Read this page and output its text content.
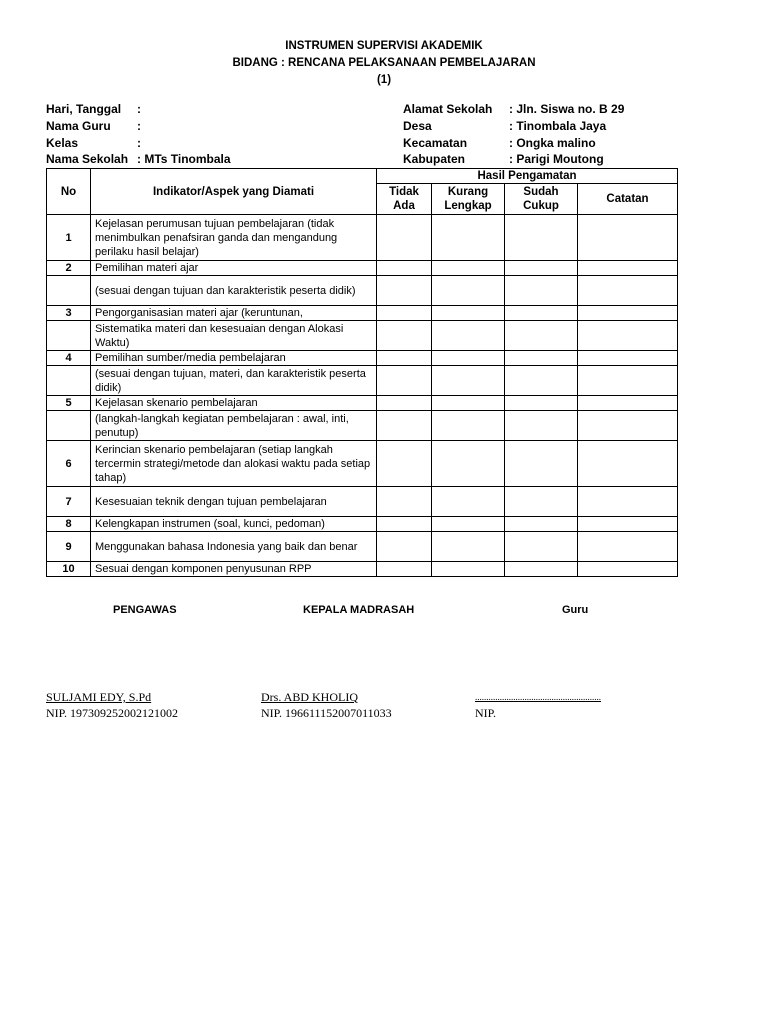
INSTRUMEN SUPERVISI AKADEMIK
BIDANG : RENCANA PELAKSANAAN PEMBELAJARAN
(1)
Hari, Tanggal :
Nama Guru :
Kelas	:
Nama Sekolah : MTs Tinombala
Alamat Sekolah : Jln. Siswa no. B 29
Desa	: Tinombala Jaya
Kecamatan	: Ongka malino
Kabupaten	: Parigi Moutong
No	Indikator/Aspek yang Diamati	Hasil Pengamatan			
		Tidak Ada	Kurang Lengkap	Sudah Cukup	Catatan
1	Kejelasan perumusan tujuan pembelajaran (tidak menimbulkan penafsiran ganda dan mengandung perilaku hasil belajar)				
2	Pemilihan materi ajar				
	(sesuai dengan tujuan dan karakteristik peserta didik)				
3	Pengorganisasian materi ajar (keruntunan,				
	Sistematika materi dan kesesuaian dengan Alokasi Waktu)				
4	Pemilihan sumber/media pembelajaran				
	(sesuai dengan tujuan, materi, dan karakteristik peserta didik)				
5	Kejelasan skenario pembelajaran				
	(langkah-langkah kegiatan pembelajaran : awal, inti, penutup)				
6	Kerincian skenario pembelajaran (setiap langkah tercermin strategi/metode dan alokasi waktu pada setiap tahap)				
7	Kesesuaian teknik dengan tujuan pembelajaran				
8	Kelengkapan instrumen (soal, kunci, pedoman)				
9	Menggunakan bahasa Indonesia yang baik dan benar				
10	Sesuai dengan komponen penyusunan RPP				
PENGAWAS	KEPALA MADRASAH	Guru
SULJAMI EDY, S.Pd
NIP. 197309252002121002
Drs. ABD KHOLIQ
NIP. 196611152007011033
........................................................
NIP.
